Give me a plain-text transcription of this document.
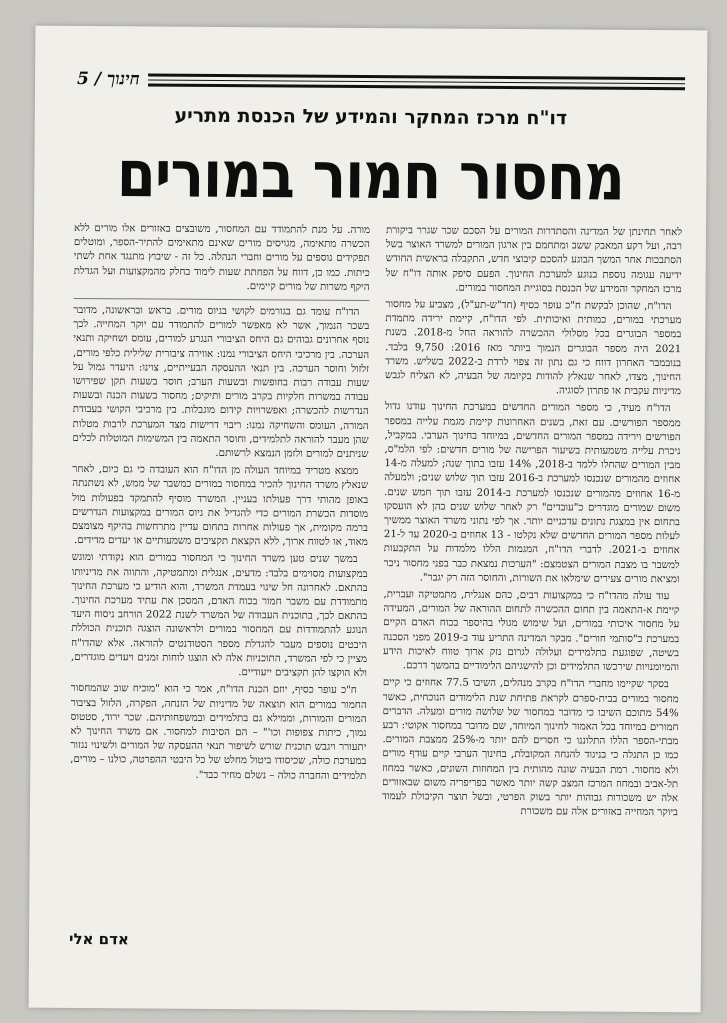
חינוך / 5
דו"ח מרכז המחקר והמידע של הכנסת מתריע
מחסור חמור במורים

לאחר תחינתן של המדינה והסתדרות המורים על הסכם שכר שגרר ביקורת רבה, ועל רקע המאבק ששב ומתחמם בין ארגון המורים למשרד האוצר בשל הסתבכות אחר המשך הבוגע להסכם קיבוצי חדש, התקבלה בראשית החודש ידיעה עגומה נוספת בנוגע למערכת החינוך. הפעם סיפק אותה דו"ח של מרכז המחקר והמידע של הכנסת בסוגיית המחסור במורים.

הדו"ח, שהוכן לבקשת ח"כ עופר כסיף (חד"ש-תע"ל), מצביע על מחסור מערכתי במורים, כמותית ואיכותית. לפי הדו"ח, קיימת ירידה מתמדת במספר הבוגרים בכל מסלולי ההכשרה להוראה החל מ-2018. בשנת 2021 היה מספר הבוגרים הנמוך ביותר מאז 2016: 9,750 בלבד. בנובמבר האחרון דווח כי גם נתון זה צפוי לרדת ב-2022 בשליש. משרד החינוך, מצדו, לאחר שנאלץ להודות בקיומה של הבעיה, לא הצליח לגבש מדיניות עקבית או פתרון לסוגיה.

הדו"ח מעיד, כי מספר המורים החדשים במערכת החינוך עודנו גדול ממספר הפורשים. עם זאת, בשנים האחרונות קיימת מגמת עלייה במספר הפורשים וירידה במספר המורים החדשים, במיוחד בחינוך הערבי. במקביל, ניכרת עלייה משמעותית בשיעור הפרישה של מורים חדשים: לפי הלמ"ס, מבין המורים שהחלו ללמד ב-2018, 14% עזבו בתוך שנה; למעלה מ-14 אחוזים מהמורים שנכנסו למערכת ב-2016 עזבו תוך שלוש שנים; ולמעלה מ-16 אחוזים מהמורים שנכנסו למערכת ב-2014 עזבו תוך חמש שנים. משום שמורים מוגדרים כ"עובדים" רק לאחר שלוש שנים בהן לא הועסקו בתחום אין במצגת נתונים עדכניים יותר. אך לפי נתוני משרד האוצר ממשיך לעלות מספר המורים החדשים שלא נקלטו - 13 אחוזים ב-2020 עד ל-21 אחוזים ב-2021. לדברי הדו"ח, המגמות הללו מלמדות על התקבעות למשבר בו מצבת המורים הצטמצם: "הערכות נמצאת כבר בפני מחסור ניכר ומציאת מורים צעירים שימלאו את השורות, והחוסר הזה רק יגבר".

עוד עולה מהדו"ח כי במקצועות רבים, כהם אנגלית, מתמטיקה ועברית, קיימת א-התאמה בין תחום ההכשרה לתחום ההוראה של המורים, המעידה על מחסור איכותי במורים, ועל שימוש מגולי בהיספר בכוח האדם הקיים במערכת כ"סותמי חורים". מבקר המדינה התריע עוד ב-2019 מפני הסכנה בשיטה, שפוגעת בתלמידים ועלולה לגרום נזק ארוך טווח לאיכות הידע והמיומנויות שירכשו התלמידים וכן להישגיהם הלימודיים בהמשך דרכם.

בסקר שקיימו מחברי הדו"ח בקרב מנהלים, השיבו 77.5 אחוזים כי קיים מחסור במורים בבית-ספרם לקראת פתיחת שנת הלימודים הנוכחית, כאשר 54% מתוכם השיבו כי מדובר במחסור של שלושה מורים ומעלה. הדברים חמורים במיוחד בכל האמור לחינוך המיוחד, שם מדובר במחסור אקוטי: רבע מבתי-הספר הללו התלוננו כי חסרים להם יותר מ-25% ממצבת המורים. כמו כן התגלה כי בניגוד להנחה המקובלת, בחינוך הערבי קיים עודף מורים ולא מחסור. רמת הבעיה שונה מהותית בין המחוזות השונים, כאשר במחוז תל-אביב ובמחוז המרכז המצב קשה יותר מאשר בפריפריה משום שבאזורים אלה יש משכורות גבוהות יותר בשוק הפרטי, ובשל תוצר הקיבולת לעמוד ביוקר המחייה באזורים אלה עם משכורת

מורה. על מנת להתמודד עם המחסור, משובצים באזורים אלו מורים ללא הכשרה מתאימה, מגויסים מורים שאינם מתאימים להתיר-הספר, ומוטלים תפקידים נוספים על מורים וחברי הנהלה. כל זה - שיבוץ מתנגד אחת לשתי כיתות. כמו כן, דווח על הפחתת שעות לימוד בחלק מהמקצועות ועל הגדלת היקף משרות של מורים קיימים.

הדו"ח עומד גם בגורמים לקושי בגיוס מורים. בראש ובראשונה, מדובר בשכר הנמוך, אשר לא מאפשר למורים להתמודד עם יוקר המחייה. לכך נוסף אחרונים גבוהים גם היחס הציבורי הנגרע למורים, עומס ושחיקה ותנאי הערכה. בין מרכיבי היחס הציבורי נמנו: אווירה ציבורית שלילית כלפי מורים, זלזול וחוסר הערכה. בין תנאי ההעסקה הבעייתיים, צוינו: היעדר גמול על שעות עבודה רבות בחופשות ובשעות הערב; חוסר בשעות תקן שפירושו עבודה במשרות חלקיות בקרב מורים ותיקים; מחסור בשעות הכנה ובשעות הנדרשות להכשרה; ואפשרויות קידום מוגבלות. בין מרכיבי הקושי בעבודת המורה, העומס והשחיקה נמנו: ריבוי דרישות מצד המערכת לרבות מטלות שהן מעבר להוראה לתלמידים, וחוסר התאמה בין המשימות המוטלות לכלים שניתנים למורים ולזמן הנמצא לרשותם.

ממצא מטריד במיוחד העולה מן הדו"ח הוא העובדה כי גם כיום, לאחר שנאלץ משרד החינוך להכיר במחסור במורים כמשבר של ממש, לא נשתנתה באופן מהותי דרך פעולתו בעניין. המשרד מוסיף להתמקד בפעולות מול מוסדות הכשרת המורים כדי להגדיל את גיוס המורים במקצועות הנדרשים ברמה מקומית, אך פעולות אחרות בתחום עדיין מתרחשות בהיקף מצומצם מאוד, או לטווח ארוך, ללא הקצאת תקציבים משמעותיים או יעדים מדידים.

במשך שנים טען משרד החינוך כי המחסור במורים הוא נקודתי ומוגש במקצועות מסוימים בלבד: מדעים, אנגלית ומתמטיקה, והתווה את מדיניותו בהתאם. לאחרונה חל שינוי בעמדת המשרד, והוא הודיע כי מערכת החינוך מתמודדת עם משבר חמור בכוח האדם, המסכן את עתיד מערכת החינוך. בהתאם לכך, בתוכנית העבודה של המשרד לשנת 2022 הורחב ניסוח היעד הנוגע להתמודדות עם המחסור במורים ולראשונה הוצגה תוכנית הכוללת היבטים נוספים מעבר להגדלת מספר הסטודנטים להוראה. אלא שהדו"ח מציין כי לפי המשרד, התוכניות אלה לא הוצגו לוחות זמנים ויעדים מוגדרים, ולא הוקצו להן תקציבים ייעודיים.

ח"כ עופר כסיף, יוזם הכנת הדו"ח, אמר כי הוא "מוכיח שוב שהמחסור החמור במורים הוא תוצאה של מדיניות של הזנחה, הפקרה, הלזול בציבור המורים והמורות, וממילא גם בתלמידים ובמשפחותיהם. שכר ירוד, סטטוס נמוך, כיתות צפופות וכו'" – הם הסיבות למחסור. אם משרד החינוך לא יתעורר ויגבש תוכנית שורש לשיפור תנאי ההעסקה של המורים ולשינוי נגזור במערכת כולה, שכיסודו ביטול מחלט של כל היבטי ההפרטה, כולנו – מורים, תלמידים והחברה כולה – נשלם מחיר כבד".

אדם אלי
